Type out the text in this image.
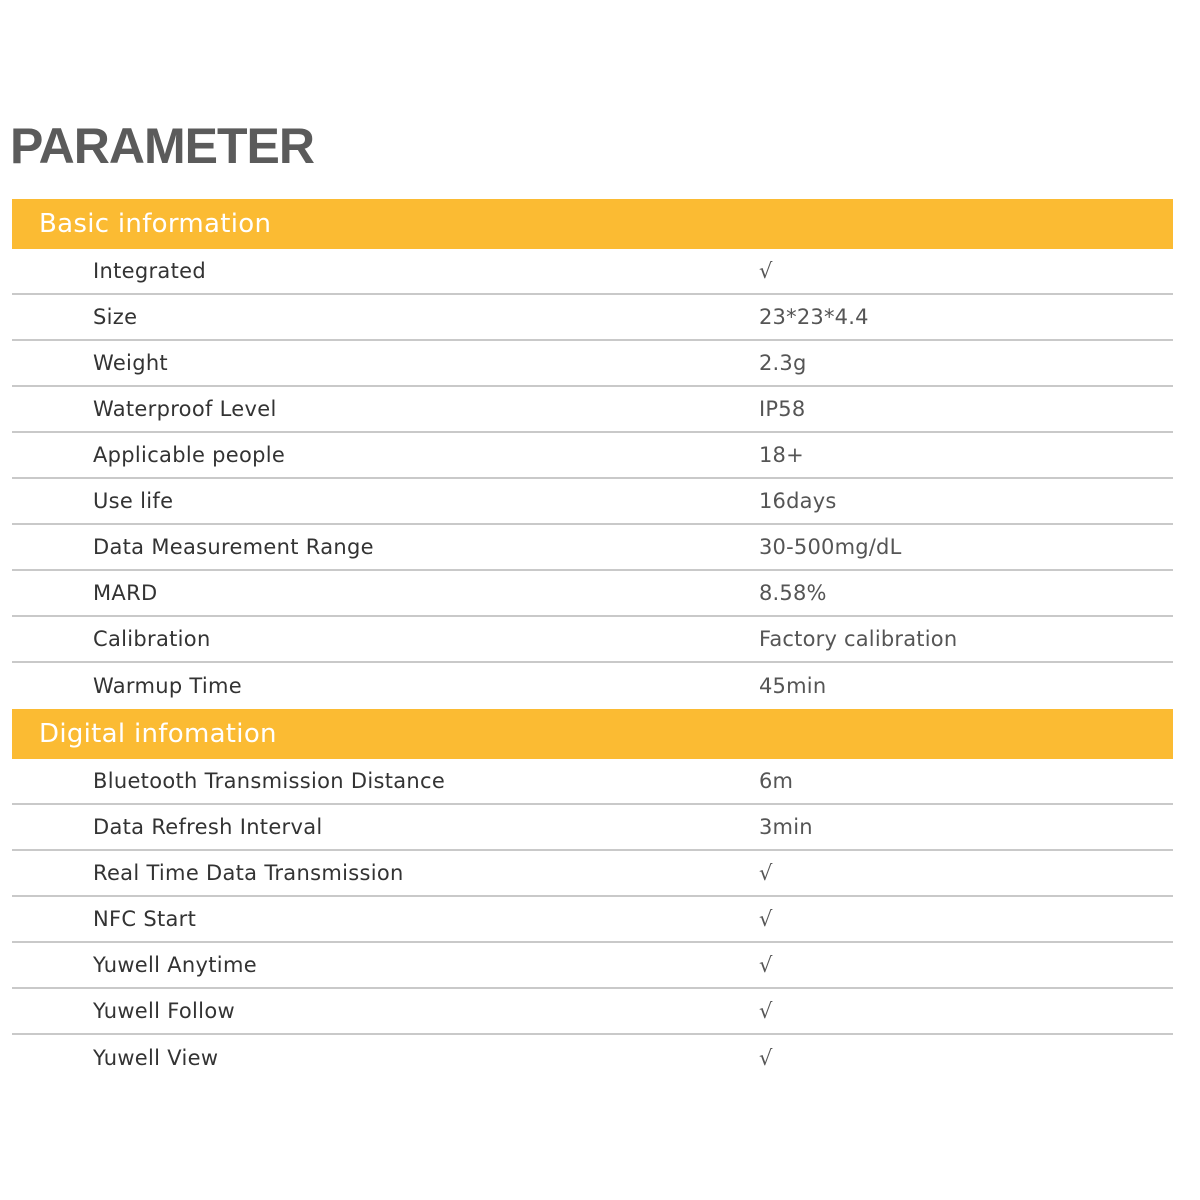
PARAMETER
Basic information
Integrated	√
Size	23*23*4.4
Weight	2.3g
Waterproof Level	IP58
Applicable people	18+
Use life	16days
Data Measurement Range	30-500mg/dL
MARD	8.58%
Calibration	Factory calibration
Warmup Time	45min
Digital infomation
Bluetooth Transmission Distance	6m
Data Refresh Interval	3min
Real Time Data Transmission	√
NFC Start	√
Yuwell Anytime	√
Yuwell Follow	√
Yuwell View	√
